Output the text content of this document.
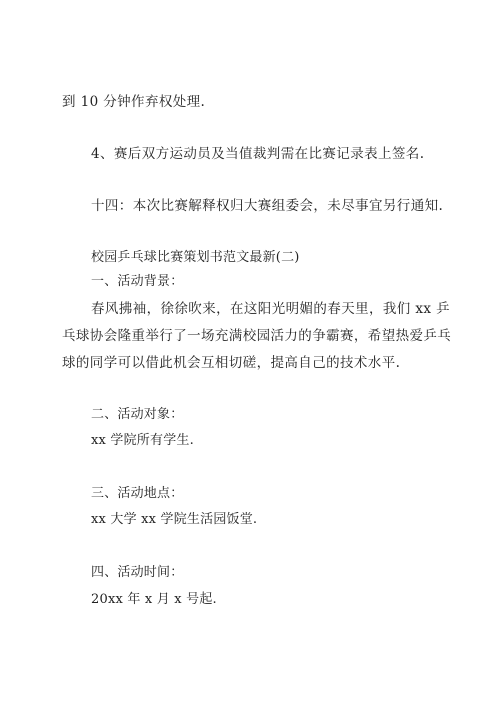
到 10 分钟作弃权处理.
4、赛后双方运动员及当值裁判需在比赛记录表上签名.
十四：本次比赛解释权归大赛组委会，未尽事宜另行通知.
校园乒乓球比赛策划书范文最新(二)
一、活动背景：
春风拂袖，徐徐吹来，在这阳光明媚的春天里，我们 xx 乒
乓球协会隆重举行了一场充满校园活力的争霸赛，希望热爱乒乓
球的同学可以借此机会互相切磋，提高自己的技术水平.
二、活动对象：
xx 学院所有学生.
三、活动地点：
xx 大学 xx 学院生活园饭堂.
四、活动时间：
20xx 年 x 月 x 号起.
